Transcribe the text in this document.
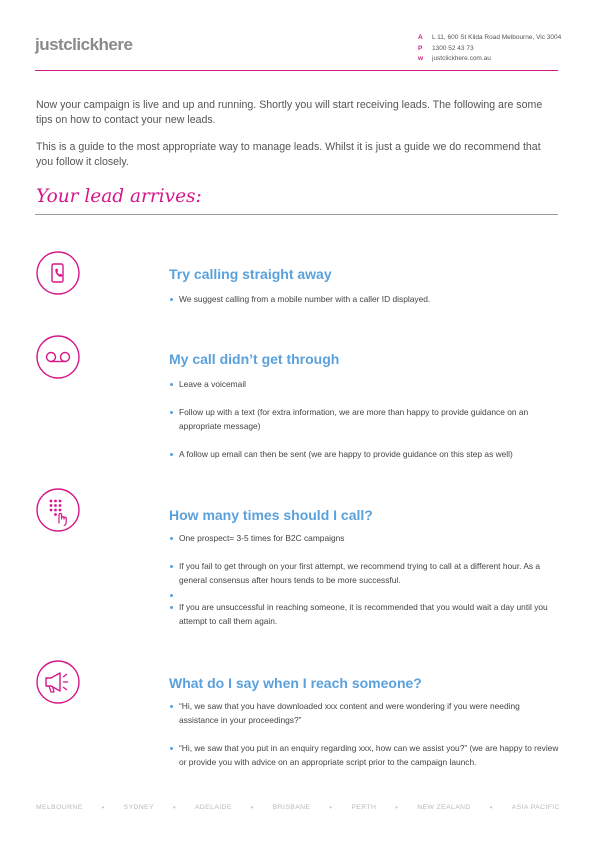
justclickhere	A	L 11, 600 St Kilda Road Melbourne, Vic 3004
P	1300 52 43 73
w	justclickhere.com.au

Now your campaign is live and up and running. Shortly you will start receiving leads. The following are some tips on how to contact your new leads.

This is a guide to the most appropriate way to manage leads. Whilst it is just a guide we do recommend that you follow it closely.

Your lead arrives:
Try calling straight away
We suggest calling from a mobile number with a caller ID displayed.
My call didn’t get through
Leave a voicemail
Follow up with a text (for extra information, we are more than happy to provide guidance on an appropriate message)
A follow up email can then be sent (we are happy to provide guidance on this step as well)
How many times should I call?
One prospect= 3-5 times for B2C campaigns
If you fail to get through on your first attempt, we recommend trying to call at a different hour. As a general consensus after hours tends to be more successful.
If you are unsuccessful in reaching someone, it is recommended that you would wait a day until you attempt to call them again.
What do I say when I reach someone?
“Hi, we saw that you have downloaded xxx content and were wondering if you were needing assistance in your proceedings?”
“Hi, we saw that you put in an enquiry regarding xxx, how can we assist you?” (we are happy to review or provide you with advice on an appropriate script prior to the campaign launch.
MELBOURNE •	SYDNEY •	ADELAIDE •	BRISBANE •	PERTH •	NEW ZEALAND •	ASIA PACIFIC
